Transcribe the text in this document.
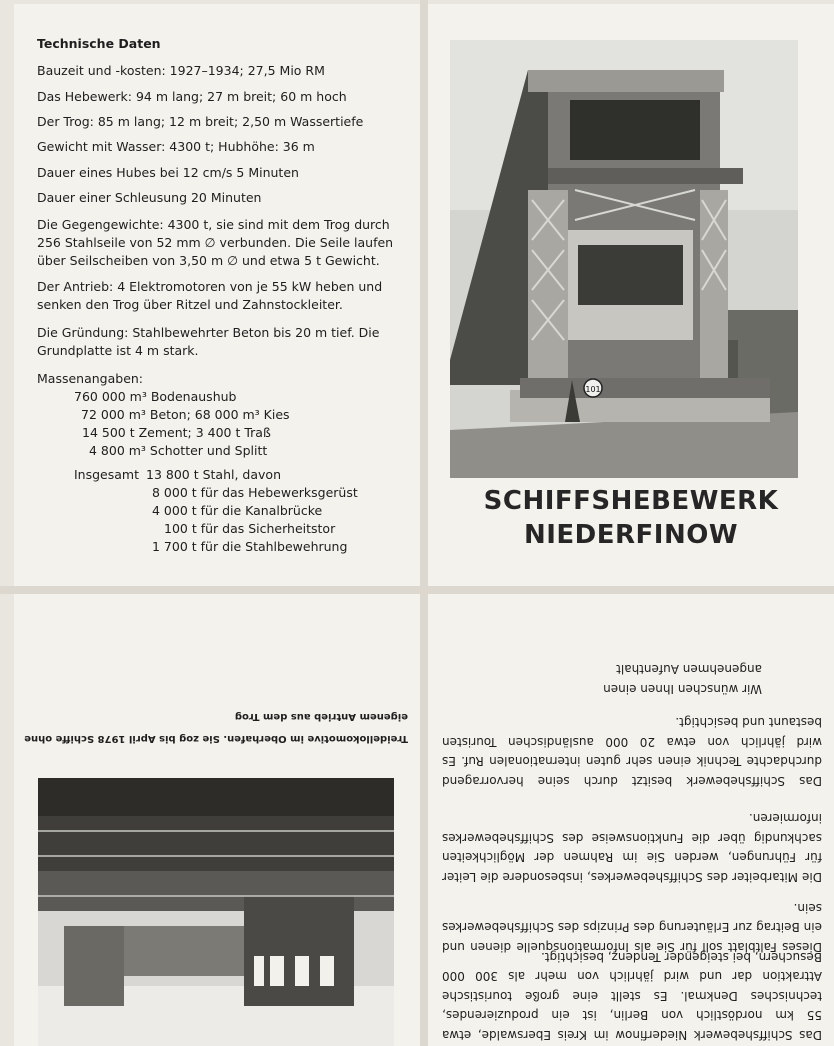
Technische Daten
Bauzeit und -kosten: 1927–1934; 27,5 Mio RM
Das Hebewerk: 94 m lang; 27 m breit; 60 m hoch
Der Trog: 85 m lang; 12 m breit; 2,50 m Wassertiefe
Gewicht mit Wasser: 4300 t; Hubhöhe: 36 m
Dauer eines Hubes bei 12 cm/s 5 Minuten
Dauer einer Schleusung 20 Minuten
Die Gegengewichte: 4300 t, sie sind mit dem Trog durch 256 Stahlseile von 52 mm ∅ verbunden. Die Seile laufen über Seilscheiben von 3,50 m ∅ und etwa 5 t Gewicht.
Der Antrieb: 4 Elektromotoren von je 55 kW heben und senken den Trog über Ritzel und Zahnstockleiter.
Die Gründung: Stahlbewehrter Beton bis 20 m tief. Die Grundplatte ist 4 m stark.
Massenangaben:
760 000 m³ Bodenaushub
72 000 m³ Beton; 68 000 m³ Kies
14 500 t Zement; 3 400 t Traß
4 800 m³ Schotter und Splitt
Insgesamt 13 800 t Stahl, davon
8 000 t für das Hebewerksgerüst
4 000 t für die Kanalbrücke
100 t für das Sicherheitstor
1 700 t für die Stahlbewehrung
101
SCHIFFSHEBEWERK
NIEDERFINOW
Treidellokomotive im Oberhafen. Sie zog bis April 1978 Schiffe ohne
eigenem Antrieb aus dem Trog
Das Schiffshebewerk Niederfinow im Kreis Eberswalde, etwa 55 km nordöstlich von Berlin, ist ein produzierendes, technisches Denkmal. Es stellt eine große touristische Attraktion dar und wird jährlich von mehr als 300 000 Besuchern, bei steigender Tendenz, besichtigt.
Dieses Faltblatt soll für Sie als Informationsquelle dienen und ein Beitrag zur Erläuterung des Prinzips des Schiffshebewerkes sein.
Die Mitarbeiter des Schiffshebewerkes, insbesondere die Leiter für Führungen, werden Sie im Rahmen der Möglichkeiten sachkundig über die Funktionsweise des Schiffshebewerkes informieren.
Das Schiffshebewerk besitzt durch seine hervorragend durchdachte Technik einen sehr guten internationalen Ruf. Es wird jährlich von etwa 20 000 ausländischen Touristen bestaunt und besichtigt.
Wir wünschen Ihnen einen
angenehmen Aufenthalt
